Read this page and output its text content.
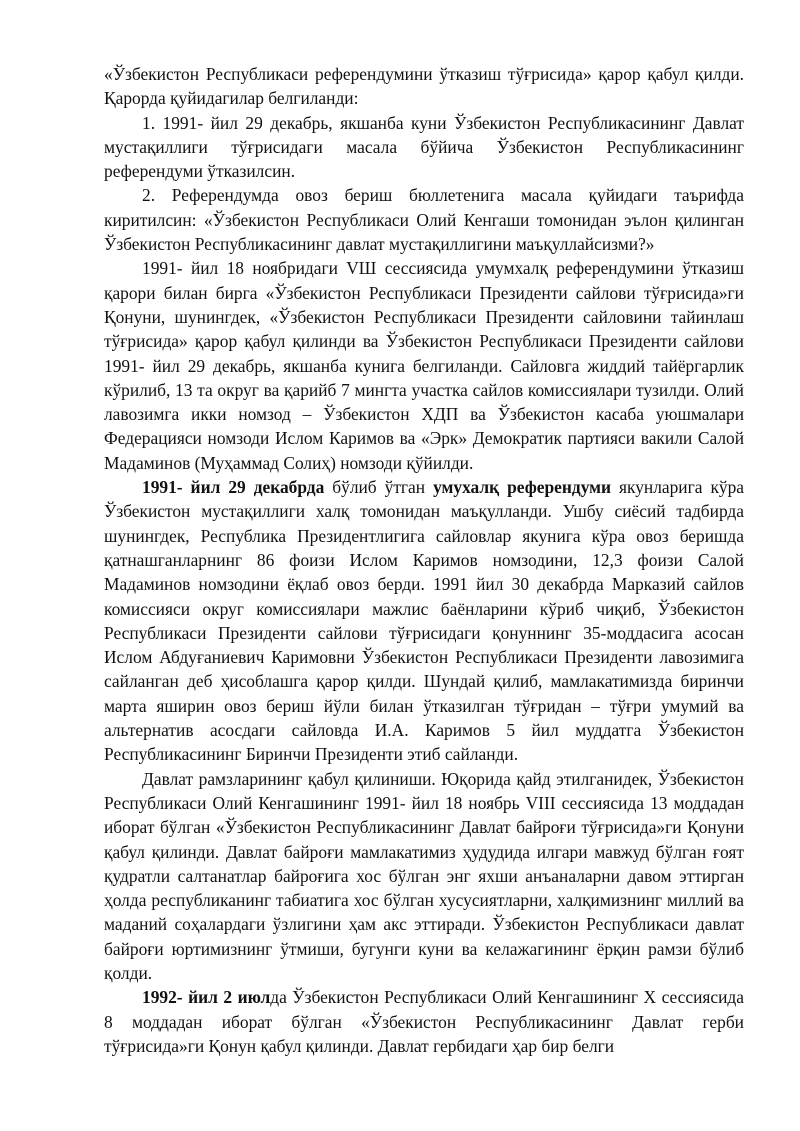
«Ўзбекистон Республикаси референдумини ўтказиш тўғрисида» қарор қабул қилди. Қарорда қуйидагилар белгиланди:

1. 1991- йил 29 декабрь, якшанба куни Ўзбекистон Республикасининг Давлат мустақиллиги тўғрисидаги масала бўйича Ўзбекистон Республикасининг референдуми ўтказилсин.

2. Референдумда овоз бериш бюллетенига масала қуйидаги таърифда киритилсин: «Ўзбекистон Республикаси Олий Кенгаши томонидан эълон қилинган Ўзбекистон Республикасининг давлат мустақиллигини маъқуллайсизми?»

1991- йил 18 ноябридаги VШ сессиясида умумхалқ референдумини ўтказиш қарори билан бирга «Ўзбекистон Республикаси Президенти сайлови тўғрисида»ги Қонуни, шунингдек, «Ўзбекистон Республикаси Президенти сайловини тайинлаш тўғрисида» қарор қабул қилинди ва Ўзбекистон Республикаси Президенти сайлови 1991- йил 29 декабрь, якшанба кунига белгиланди. Сайловга жиддий тайёргарлик кўрилиб, 13 та округ ва қарийб 7 мингта участка сайлов комиссиялари тузилди. Олий лавозимга икки номзод – Ўзбекистон ХДП ва Ўзбекистон касаба уюшмалари Федерацияси номзоди Ислом Каримов ва «Эрк» Демократик партияси вакили Салой Мадаминов (Муҳаммад Солиҳ) номзоди қўйилди.

1991- йил 29 декабрда бўлиб ўтган умухалқ референдуми якунларига кўра Ўзбекистон мустақиллиги халқ томонидан маъқулланди. Ушбу сиёсий тадбирда шунингдек, Республика Президентлигига сайловлар якунига кўра овоз беришда қатнашганларнинг 86 фоизи Ислом Каримов номзодини, 12,3 фоизи Салой Мадаминов номзодини ёқлаб овоз берди. 1991 йил 30 декабрда Марказий сайлов комиссияси округ комиссиялари мажлис баёнларини кўриб чиқиб, Ўзбекистон Республикаси Президенти сайлови тўғрисидаги қонуннинг 35-моддасига асосан Ислом Абдуғаниевич Каримовни Ўзбекистон Республикаси Президенти лавозимига сайланган деб ҳисоблашга қарор қилди. Шундай қилиб, мамлакатимизда биринчи марта яширин овоз бериш йўли билан ўтказилган тўғридан – тўғри умумий ва альтернатив асосдаги сайловда И.А. Каримов 5 йил муддатга Ўзбекистон Республикасининг Биринчи Президенти этиб сайланди.

Давлат рамзларининг қабул қилиниши. Юқорида қайд этилганидек, Ўзбекистон Республикаси Олий Кенгашининг 1991- йил 18 ноябрь VIII сессиясида 13 моддадан иборат бўлган «Ўзбекистон Республикасининг Давлат байроғи тўғрисида»ги Қонуни қабул қилинди. Давлат байроғи мамлакатимиз ҳудудида илгари мавжуд бўлган ғоят қудратли салтанатлар байроғига хос бўлган энг яхши анъаналарни давом эттирган ҳолда республиканинг табиатига хос бўлган хусусиятларни, халқимизнинг миллий ва маданий соҳалардаги ўзлигини ҳам акс эттиради. Ўзбекистон Республикаси давлат байроғи юртимизнинг ўтмиши, бугунги куни ва келажагининг ёрқин рамзи бўлиб қолди.

1992- йил 2 июлда Ўзбекистон Республикаси Олий Кенгашининг X сессиясида 8 моддадан иборат бўлган «Ўзбекистон Республикасининг Давлат герби тўғрисида»ги Қонун қабул қилинди. Давлат гербидаги ҳар бир белги
